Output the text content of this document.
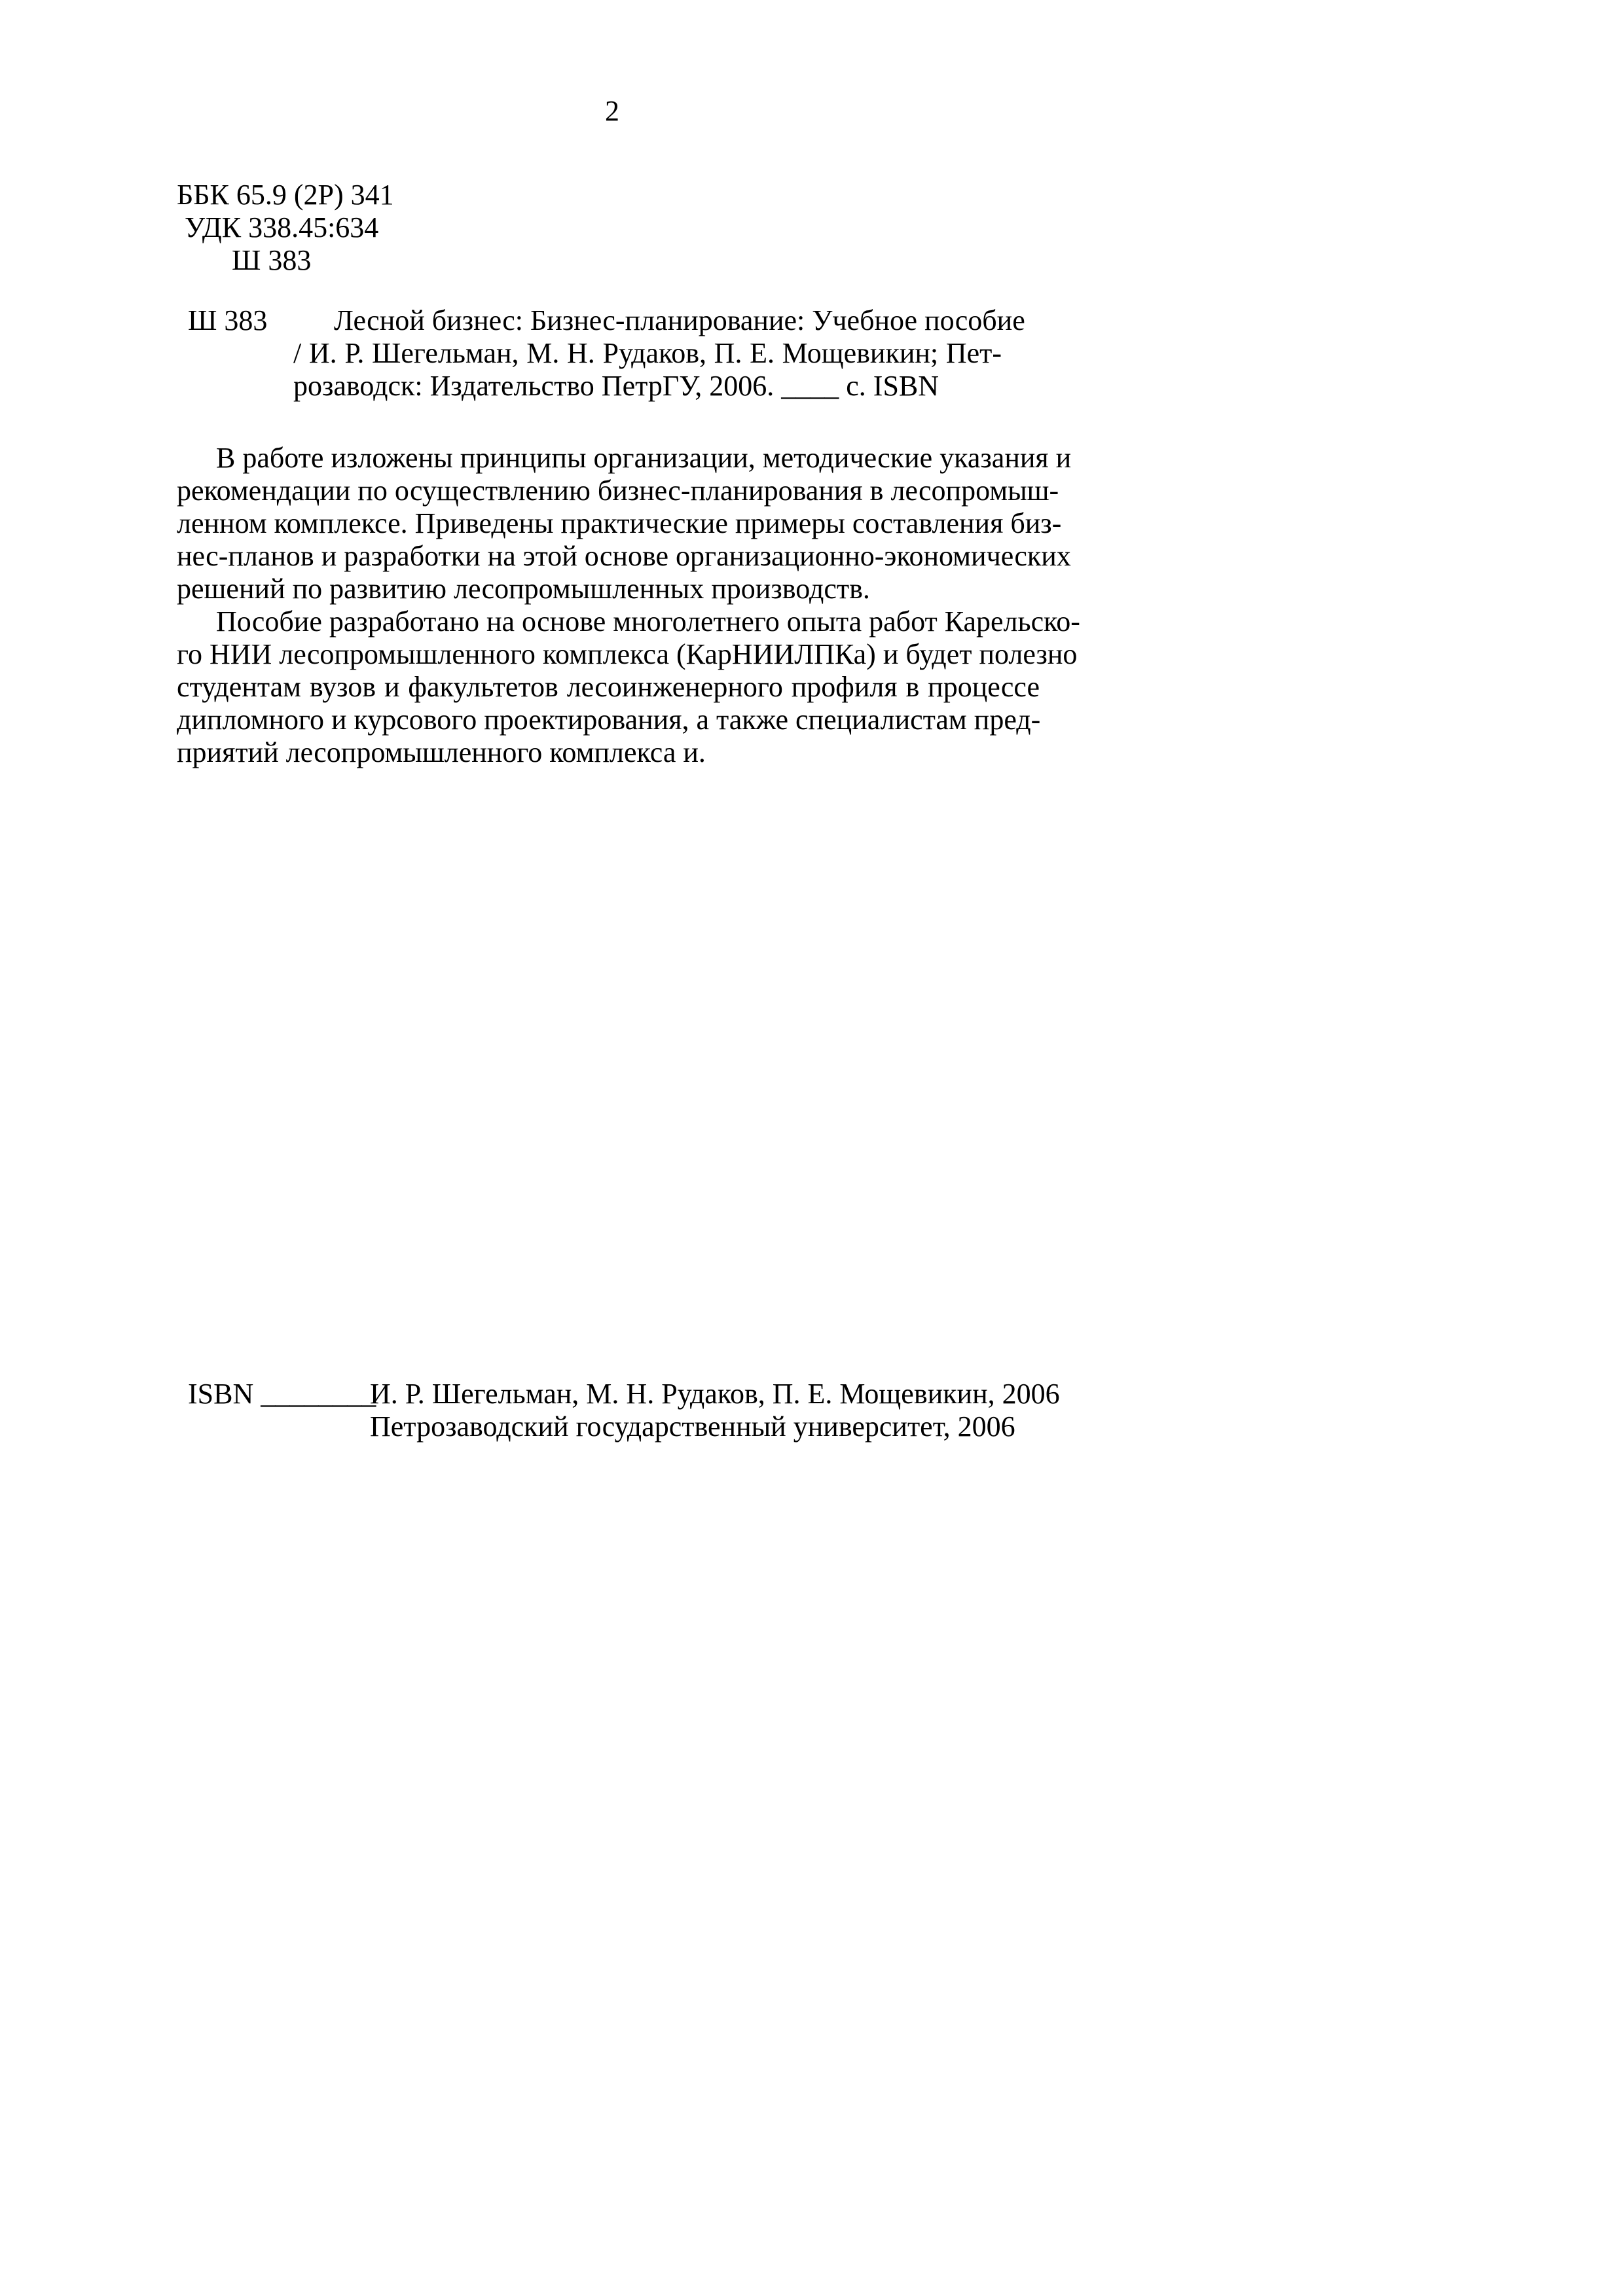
2
ББК 65.9 (2Р) 341
УДК 338.45:634
Ш 383
Ш 383 Лесной бизнес: Бизнес-планирование: Учебное пособие
/ И. Р. Шегельман, М. Н. Рудаков, П. Е. Мощевикин; Пет-
розаводск: Издательство ПетрГУ, 2006. ____ с. ISBN
В работе изложены принципы организации, методические указания и
рекомендации по осуществлению бизнес-планирования в лесопромыш-
ленном комплексе. Приведены практические примеры составления биз-
нес-планов и разработки на этой основе организационно-экономических
решений по развитию лесопромышленных производств.
Пособие разработано на основе многолетнего опыта работ Карельско-
го НИИ лесопромышленного комплекса (КарНИИЛПКа) и будет полезно
студентам вузов и факультетов лесоинженерного профиля в процессе
дипломного и курсового проектирования, а также специалистам пред-
приятий лесопромышленного комплекса и.
ISBN ________
И. Р. Шегельман, М. Н. Рудаков, П. Е. Мощевикин, 2006
Петрозаводский государственный университет, 2006
